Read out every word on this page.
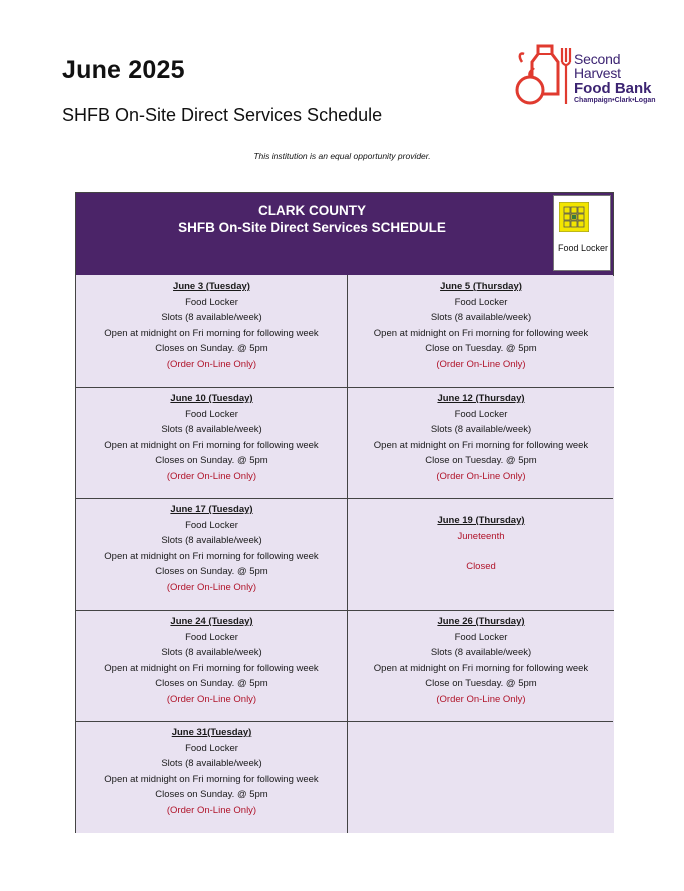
June 2025
SHFB On-Site Direct Services Schedule
This institution is an equal opportunity provider.
Second
Harvest
Food Bank
Champaign•Clark•Logan
CLARK COUNTY
SHFB On-Site Direct Services SCHEDULE
Food Locker
June 3 (Tuesday)
Food Locker
Slots (8 available/week)
Open at midnight on Fri morning for following week
Closes on Sunday. @ 5pm
(Order On-Line Only)
June 5 (Thursday)
Food Locker
Slots (8 available/week)
Open at midnight on Fri morning for following week
Close on Tuesday. @ 5pm
(Order On-Line Only)
June 10 (Tuesday)
Food Locker
Slots (8 available/week)
Open at midnight on Fri morning for following week
Closes on Sunday. @ 5pm
(Order On-Line Only)
June 12 (Thursday)
Food Locker
Slots (8 available/week)
Open at midnight on Fri morning for following week
Close on Tuesday. @ 5pm
(Order On-Line Only)
June 17 (Tuesday)
Food Locker
Slots (8 available/week)
Open at midnight on Fri morning for following week
Closes on Sunday. @ 5pm
(Order On-Line Only)
June 19 (Thursday)
Juneteenth
Closed
June 24 (Tuesday)
Food Locker
Slots (8 available/week)
Open at midnight on Fri morning for following week
Closes on Sunday. @ 5pm
(Order On-Line Only)
June 26 (Thursday)
Food Locker
Slots (8 available/week)
Open at midnight on Fri morning for following week
Close on Tuesday. @ 5pm
(Order On-Line Only)
June 31(Tuesday)
Food Locker
Slots (8 available/week)
Open at midnight on Fri morning for following week
Closes on Sunday. @ 5pm
(Order On-Line Only)
